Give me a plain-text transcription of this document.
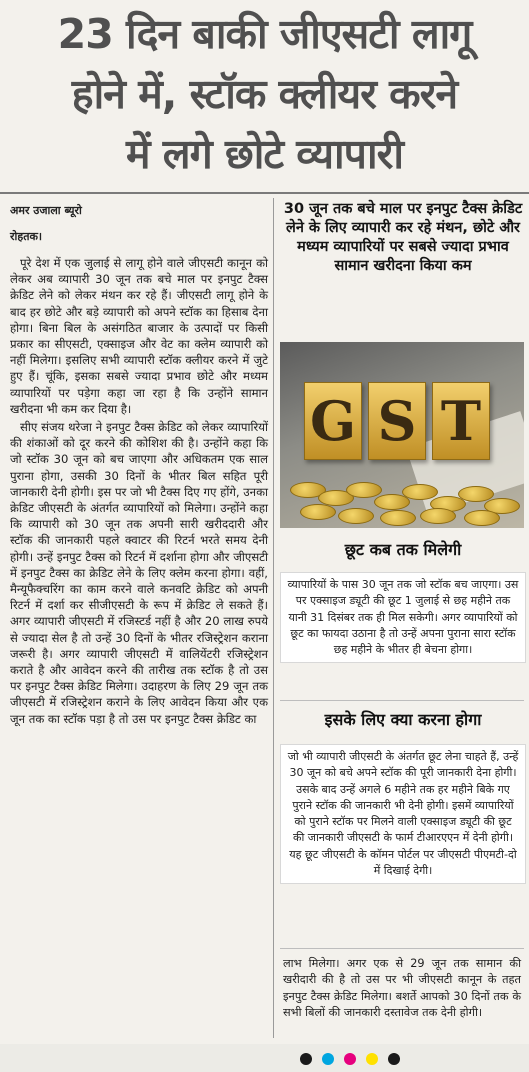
23 दिन बाकी जीएसटी लागू
होने में, स्टॉक क्लीयर करने
में लगे छोटे व्यापारी
अमर उजाला ब्यूरो
रोहतक।

पूरे देश में एक जुलाई से लागू होने वाले जीएसटी कानून को लेकर अब व्यापारी 30 जून तक बचे माल पर इनपुट टैक्स क्रेडिट लेने को लेकर मंथन कर रहे हैं। जीएसटी लागू होने के बाद हर छोटे और बड़े व्यापारी को अपने स्टॉक का हिसाब देना होगा। बिना बिल के असंगठित बाजार के उत्पादों पर किसी प्रकार का सीएसटी, एक्साइज और वेट का क्लेम व्यापारी को नहीं मिलेगा। इसलिए सभी व्यापारी स्टॉक क्लीयर करने में जुटे हुए हैं। चूंकि, इसका सबसे ज्यादा प्रभाव छोटे और मध्यम व्यापारियों पर पड़ेगा कहा जा रहा है कि उन्होंने सामान खरीदना भी कम कर दिया है।

सीए संजय थरेजा ने इनपुट टैक्स क्रेडिट को लेकर व्यापारियों की शंकाओं को दूर करने की कोशिश की है। उन्होंने कहा कि जो स्टॉक 30 जून को बच जाएगा और अधिकतम एक साल पुराना होगा, उसकी 30 दिनों के भीतर बिल सहित पूरी जानकारी देनी होगी। इस पर जो भी टैक्स दिए गए होंगे, उनका क्रेडिट जीएसटी के अंतर्गत व्यापारियों को मिलेगा। उन्होंने कहा कि व्यापारी को 30 जून तक अपनी सारी खरीददारी और स्टॉक की जानकारी पहले क्वाटर की रिटर्न भरते समय देनी होगी। उन्हें इनपुट टैक्स को रिटर्न में दर्शाना होगा और जीएसटी में इनपुट टैक्स का क्रेडिट लेने के लिए क्लेम करना होगा। वहीं, मैन्यूफैक्चरिंग का काम करने वाले कनवटि क्रेडिट को अपनी रिटर्न में दर्शा कर सीजीएसटी के रूप में क्रेडिट ले सकते हैं। अगर व्यापारी जीएसटी में रजिस्टर्ड नहीं है और 20 लाख रुपये से ज्यादा सेल है तो उन्हें 30 दिनों के भीतर रजिस्ट्रेशन कराना जरूरी है। अगर व्यापारी जीएसटी में वालियेंटरी रजिस्ट्रेशन कराते है और आवेदन करने की तारीख तक स्टॉक है तो उस पर इनपुट टैक्स क्रेडिट मिलेगा। उदाहरण के लिए 29 जून तक जीएसटी में रजिस्ट्रेशन कराने के लिए आवेदन किया और एक जून तक का स्टॉक पड़ा है तो उस पर इनपुट टैक्स क्रेडिट का

30 जून तक बचे माल पर इनपुट टैक्स क्रेडिट लेने के लिए व्यापारी कर रहे मंथन, छोटे और मध्यम व्यापारियों पर सबसे ज्यादा प्रभाव सामान खरीदना किया कम
G S T
छूट कब तक मिलेगी
व्यापारियों के पास 30 जून तक जो स्टॉक बच जाएगा। उस पर एक्साइज ड्यूटी की छूट 1 जुलाई से छह महीने तक यानी 31 दिसंबर तक ही मिल सकेगी। अगर व्यापारियों को छूट का फायदा उठाना है तो उन्हें अपना पुराना सारा स्टॉक छह महीने के भीतर ही बेचना होगा।
इसके लिए क्या करना होगा
जो भी व्यापारी जीएसटी के अंतर्गत छूट लेना चाहते हैं, उन्हें 30 जून को बचे अपने स्टॉक की पूरी जानकारी देना होगी। उसके बाद उन्हें अगले 6 महीने तक हर महीने बिके गए पुराने स्टॉक की जानकारी भी देनी होगी। इसमें व्यापारियों को पुराने स्टॉक पर मिलने वाली एक्साइज ड्यूटी की छूट की जानकारी जीएसटी के फार्म टीआरएएन में देनी होगी। यह छूट जीएसटी के कॉमन पोर्टल पर जीएसटी पीएमटी-दो में दिखाई देगी।

लाभ मिलेगा। अगर एक से 29 जून तक सामान की खरीदारी की है तो उस पर भी जीएसटी कानून के तहत इनपुट टैक्स क्रेडिट मिलेगा। बशर्ते आपको 30 दिनों तक के सभी बिलों की जानकारी दस्तावेज तक देनी होगी।
